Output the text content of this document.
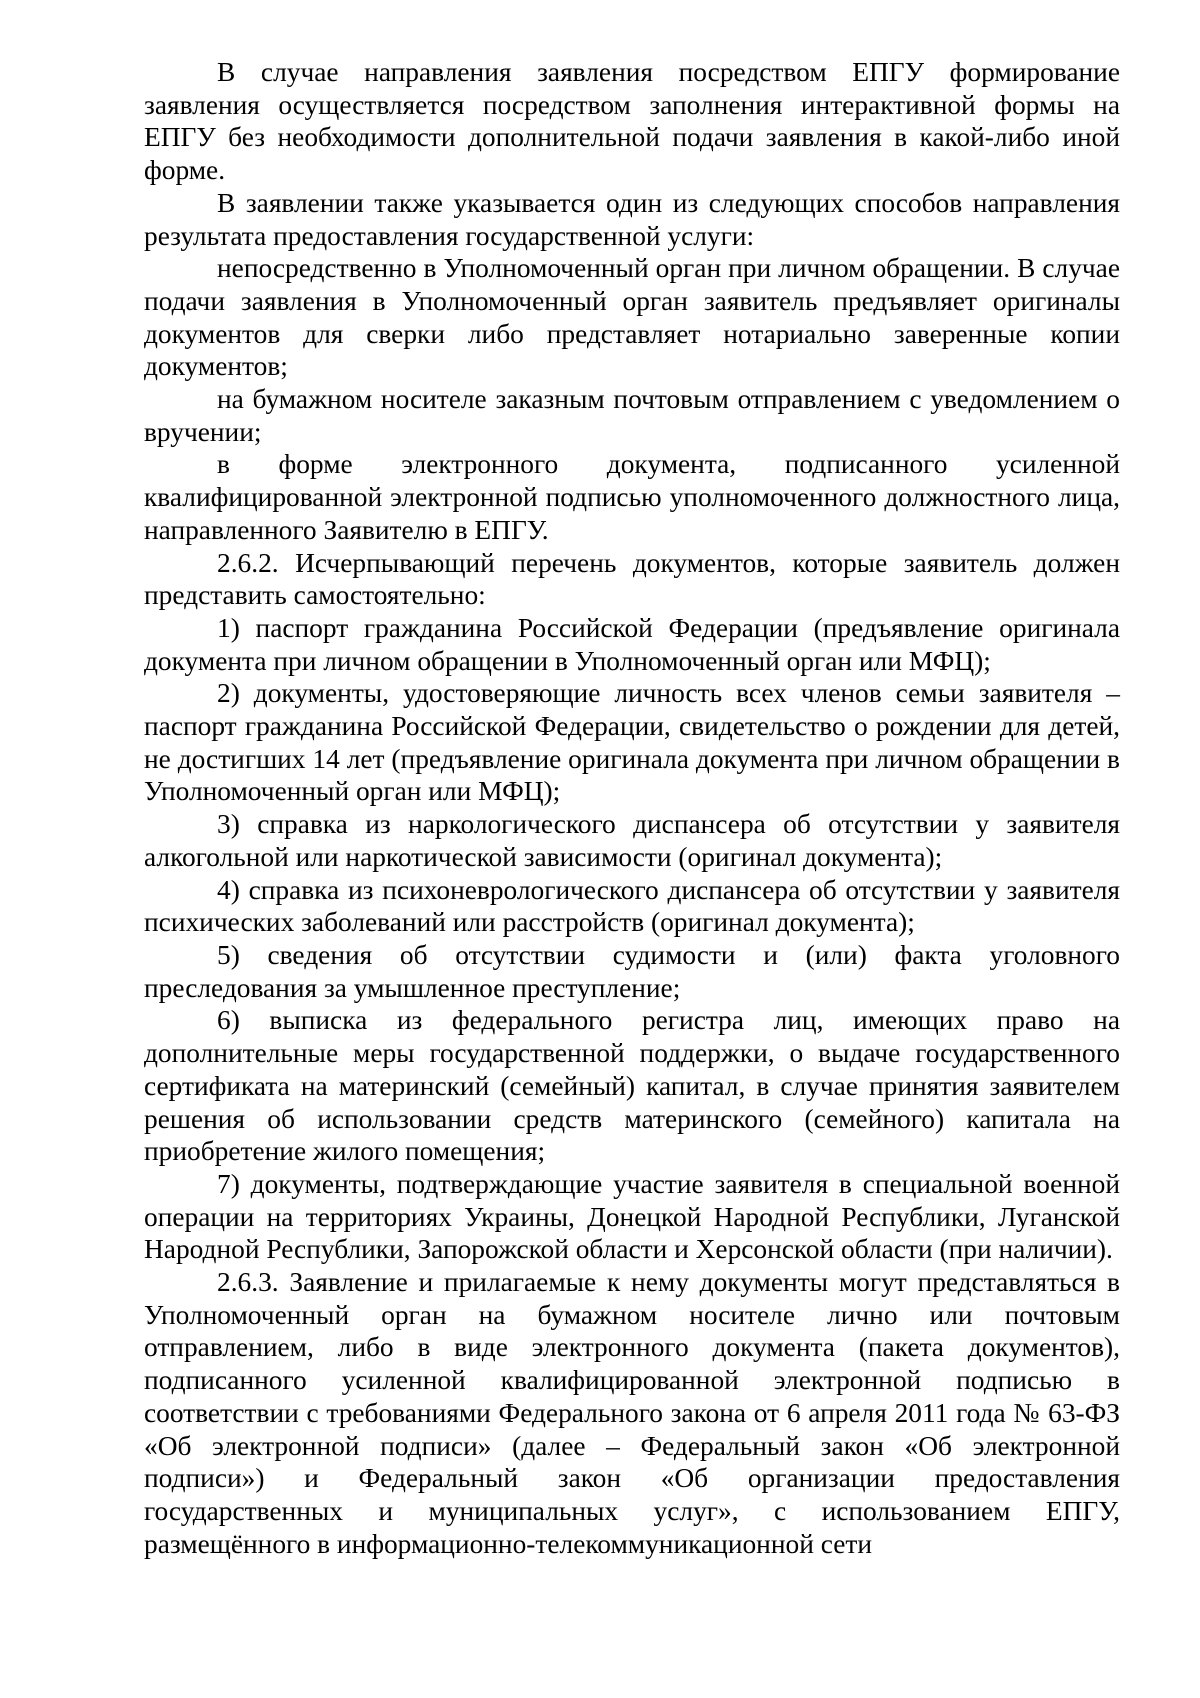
В случае направления заявления посредством ЕПГУ формирование заявления осуществляется посредством заполнения интерактивной формы на ЕПГУ без необходимости дополнительной подачи заявления в какой-либо иной форме.

В заявлении также указывается один из следующих способов направления результата предоставления государственной услуги:

непосредственно в Уполномоченный орган при личном обращении. В случае подачи заявления в Уполномоченный орган заявитель предъявляет оригиналы документов для сверки либо представляет нотариально заверенные копии документов;

на бумажном носителе заказным почтовым отправлением с уведомлением о вручении;

в форме электронного документа, подписанного усиленной квалифицированной электронной подписью уполномоченного должностного лица, направленного Заявителю в ЕПГУ.

2.6.2. Исчерпывающий перечень документов, которые заявитель должен представить самостоятельно:

1) паспорт гражданина Российской Федерации (предъявление оригинала документа при личном обращении в Уполномоченный орган или МФЦ);

2) документы, удостоверяющие личность всех членов семьи заявителя – паспорт гражданина Российской Федерации, свидетельство о рождении для детей, не достигших 14 лет (предъявление оригинала документа при личном обращении в Уполномоченный орган или МФЦ);

3) справка из наркологического диспансера об отсутствии у заявителя алкогольной или наркотической зависимости (оригинал документа);

4) справка из психоневрологического диспансера об отсутствии у заявителя психических заболеваний или расстройств (оригинал документа);

5) сведения об отсутствии судимости и (или) факта уголовного преследования за умышленное преступление;

6) выписка из федерального регистра лиц, имеющих право на дополнительные меры государственной поддержки, о выдаче государственного сертификата на материнский (семейный) капитал, в случае принятия заявителем решения об использовании средств материнского (семейного) капитала на приобретение жилого помещения;

7) документы, подтверждающие участие заявителя в специальной военной операции на территориях Украины, Донецкой Народной Республики, Луганской Народной Республики, Запорожской области и Херсонской области (при наличии).

2.6.3. Заявление и прилагаемые к нему документы могут представляться в Уполномоченный орган на бумажном носителе лично или почтовым отправлением, либо в виде электронного документа (пакета документов), подписанного усиленной квалифицированной электронной подписью в соответствии с требованиями Федерального закона от 6 апреля 2011 года № 63-ФЗ «Об электронной подписи» (далее – Федеральный закон «Об электронной подписи») и Федеральный закон «Об организации предоставления государственных и муниципальных услуг», с использованием ЕПГУ, размещённого в информационно-телекоммуникационной сети
